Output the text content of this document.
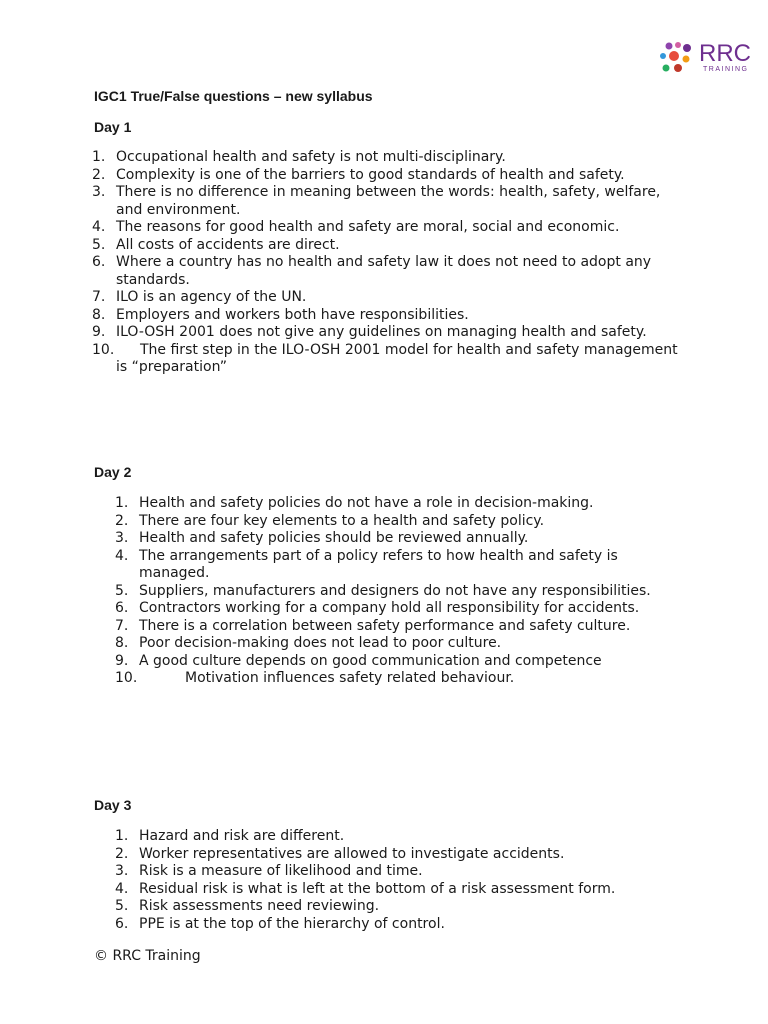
RRC
TRAINING
IGC1 True/False questions – new syllabus
Day 1
1. Occupational health and safety is not multi-disciplinary.
2. Complexity is one of the barriers to good standards of health and safety.
3. There is no difference in meaning between the words: health, safety, welfare, and environment.
4. The reasons for good health and safety are moral, social and economic.
5. All costs of accidents are direct.
6. Where a country has no health and safety law it does not need to adopt any standards.
7. ILO is an agency of the UN.
8. Employers and workers both have responsibilities.
9. ILO-OSH 2001 does not give any guidelines on managing health and safety.
10.	The first step in the ILO-OSH 2001 model for health and safety management is “preparation”
Day 2
1. Health and safety policies do not have a role in decision-making.
2. There are four key elements to a health and safety policy.
3. Health and safety policies should be reviewed annually.
4. The arrangements part of a policy refers to how health and safety is managed.
5. Suppliers, manufacturers and designers do not have any responsibilities.
6. Contractors working for a company hold all responsibility for accidents.
7. There is a correlation between safety performance and safety culture.
8. Poor decision-making does not lead to poor culture.
9. A good culture depends on good communication and competence
10.	Motivation influences safety related behaviour.
Day 3
1. Hazard and risk are different.
2. Worker representatives are allowed to investigate accidents.
3. Risk is a measure of likelihood and time.
4. Residual risk is what is left at the bottom of a risk assessment form.
5. Risk assessments need reviewing.
6. PPE is at the top of the hierarchy of control.
© RRC Training
